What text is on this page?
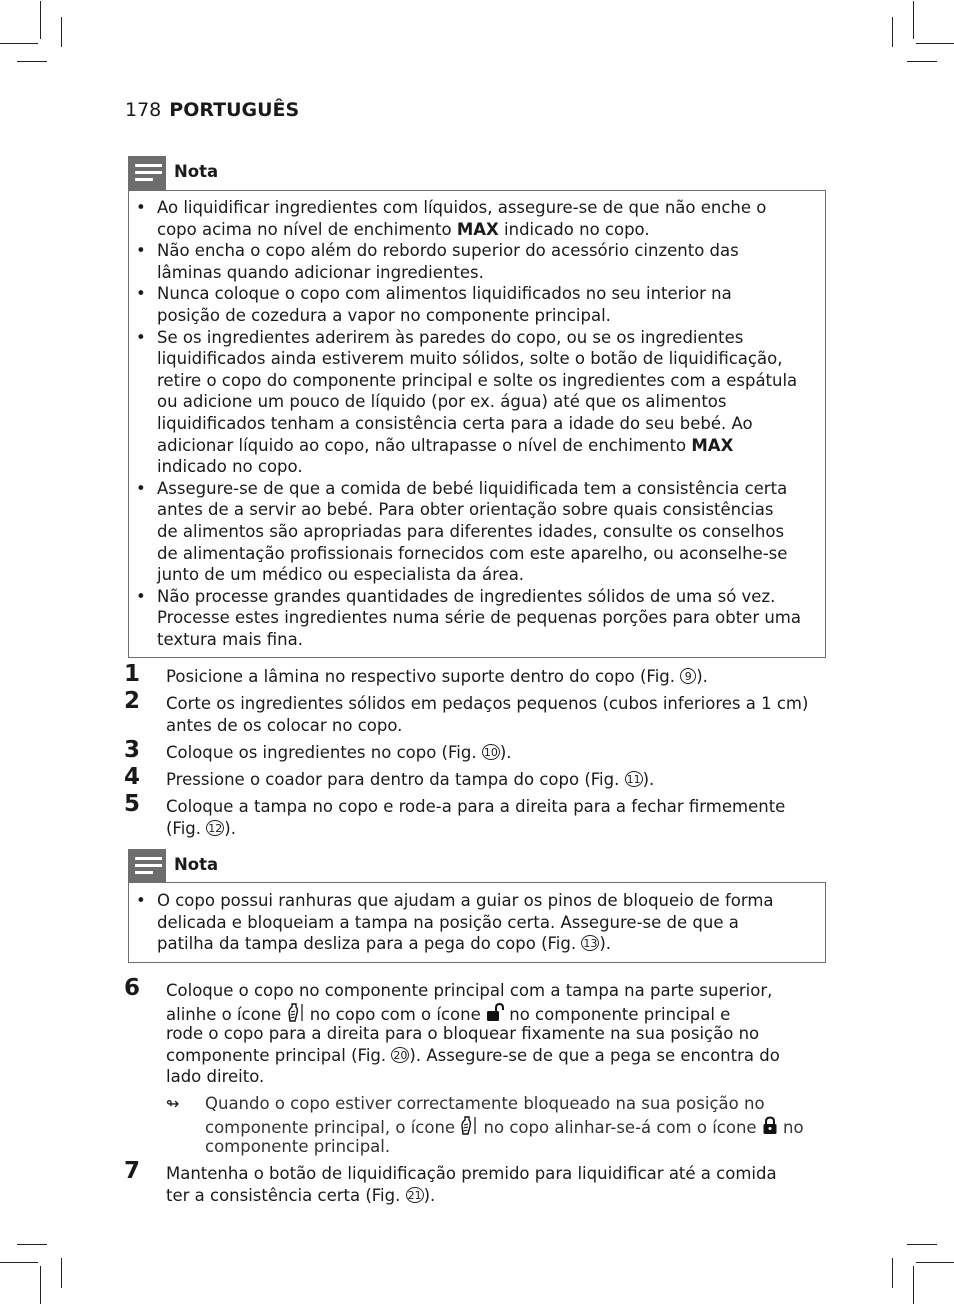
178 PORTUGUÊS
Nota
• Ao liquidificar ingredientes com líquidos, assegure-se de que não enche o
copo acima no nível de enchimento MAX indicado no copo.
• Não encha o copo além do rebordo superior do acessório cinzento das
lâminas quando adicionar ingredientes.
• Nunca coloque o copo com alimentos liquidificados no seu interior na
posição de cozedura a vapor no componente principal.
• Se os ingredientes aderirem às paredes do copo, ou se os ingredientes
liquidificados ainda estiverem muito sólidos, solte o botão de liquidificação,
retire o copo do componente principal e solte os ingredientes com a espátula
ou adicione um pouco de líquido (por ex. água) até que os alimentos
liquidificados tenham a consistência certa para a idade do seu bebé. Ao
adicionar líquido ao copo, não ultrapasse o nível de enchimento MAX
indicado no copo.
• Assegure-se de que a comida de bebé liquidificada tem a consistência certa
antes de a servir ao bebé. Para obter orientação sobre quais consistências
de alimentos são apropriadas para diferentes idades, consulte os conselhos
de alimentação profissionais fornecidos com este aparelho, ou aconselhe-se
junto de um médico ou especialista da área.
• Não processe grandes quantidades de ingredientes sólidos de uma só vez.
Processe estes ingredientes numa série de pequenas porções para obter uma
textura mais fina.
1 Posicione a lâmina no respectivo suporte dentro do copo (Fig. 9 ).
2 Corte os ingredientes sólidos em pedaços pequenos (cubos inferiores a 1 cm)
antes de os colocar no copo.
3 Coloque os ingredientes no copo (Fig. 10 ).
4 Pressione o coador para dentro da tampa do copo (Fig. 11 ).
5 Coloque a tampa no copo e rode-a para a direita para a fechar firmemente
(Fig. 12 ).
Nota
• O copo possui ranhuras que ajudam a guiar os pinos de bloqueio de forma
delicada e bloqueiam a tampa na posição certa. Assegure-se de que a
patilha da tampa desliza para a pega do copo (Fig. 13 ).
6 Coloque o copo no componente principal com a tampa na parte superior,
alinhe o ícone  no copo com o ícone  no componente principal e
rode o copo para a direita para o bloquear fixamente na sua posição no
componente principal (Fig. 20 ). Assegure-se de que a pega se encontra do
lado direito.
↬ Quando o copo estiver correctamente bloqueado na sua posição no
componente principal, o ícone  no copo alinhar-se-á com o ícone  no
componente principal.
7 Mantenha o botão de liquidificação premido para liquidificar até a comida
ter a consistência certa (Fig. 21 ).
